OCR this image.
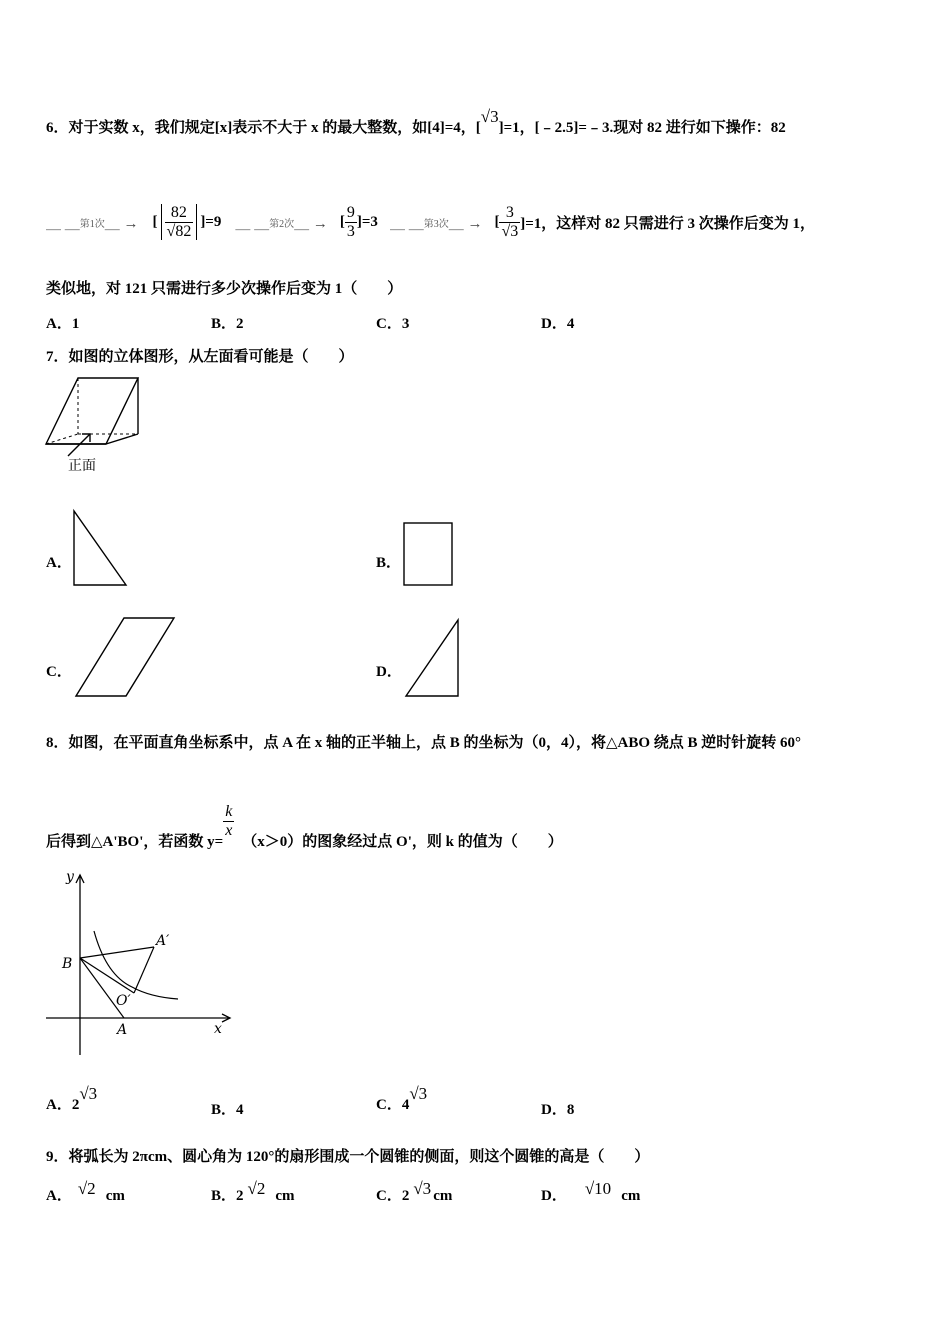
6．对于实数 x，我们规定[x]表示不大于 x 的最大整数，如[4]=4，[√3]=1，[﹣2.5]=﹣3.现对 82 进行如下操作：82
＿ ＿ 第1次 ＿ → [ $\frac{82}{√82} ]=9$ ＿ ＿ 第2次 ＿ → [ $\frac{9}{3} ]=3$ ＿ ＿ 第3次 ＿ → [ $\frac{3}{√3} ]=1$，这样对 82 只需进行 3 次操作后变为 1，
类似地，对 121 只需进行多少次操作后变为 1（　　）
A．1	B．2	C．3	D．4
7．如图的立体图形，从左面看可能是（　　）
正面
A．	B．
C．	D．
8．如图，在平面直角坐标系中，点 A 在 x 轴的正半轴上，点 B 的坐标为（0，4），将△ABO 绕点 B 逆时针旋转 60°
后得到△A'BO'，若函数 y=
$\frac{k}{x}$
（x＞0）的图象经过点 O'，则 k 的值为（　　）
y
x
B
A
A′
O′
A．2√3
B．4	C．4√3
D．8
9．将弧长为 2πcm、圆心角为 120°的扇形围成一个圆锥的侧面，则这个圆锥的高是（　　）
A． √2 cm	B．2 √2 cm	C．2 √3 cm	D． √10 cm
